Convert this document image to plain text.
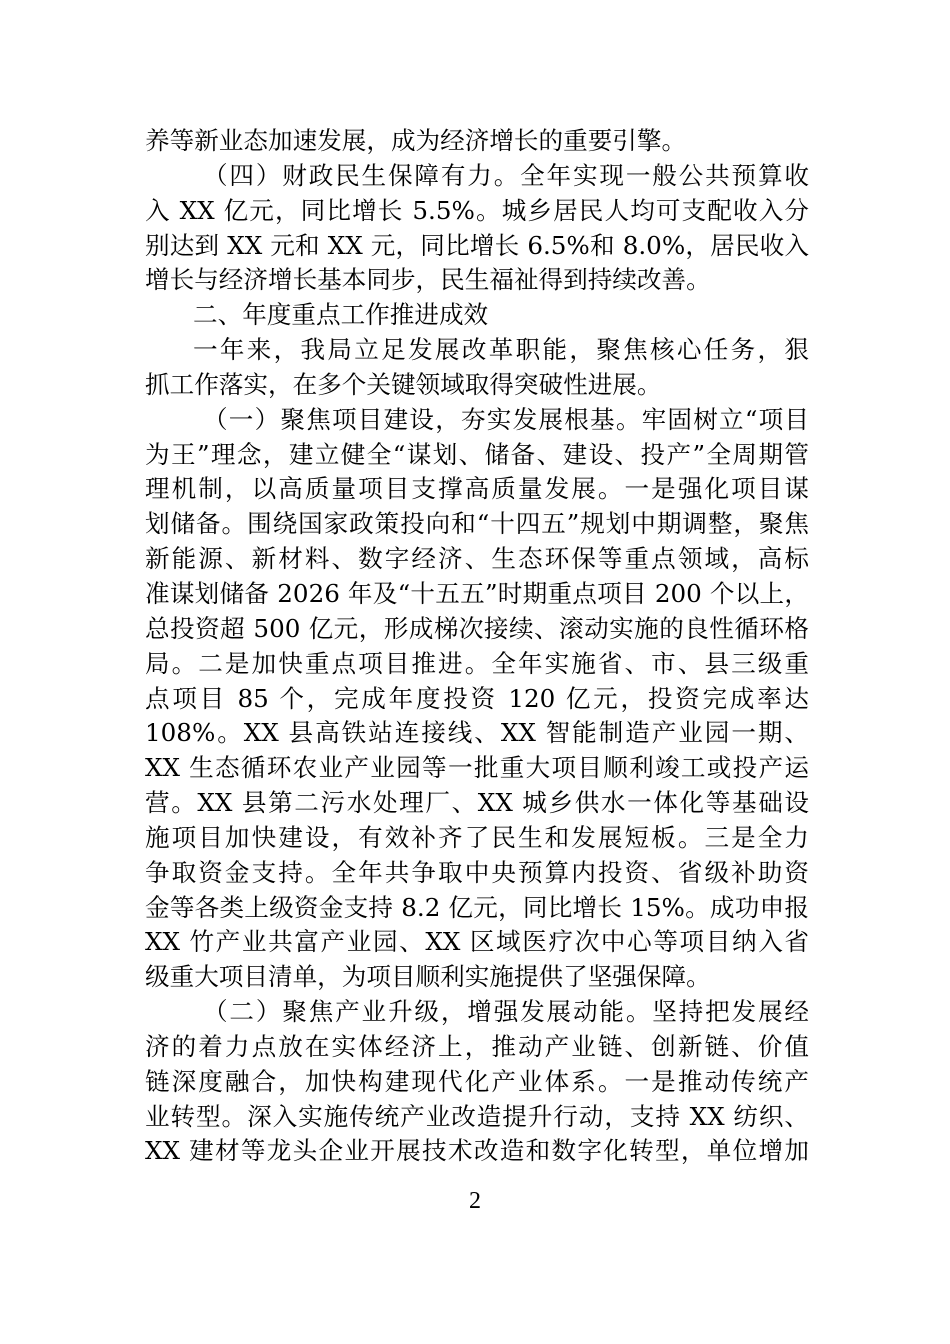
养等新业态加速发展，成为经济增长的重要引擎。
（四）财政民生保障有力。全年实现一般公共预算收
入 XX 亿元，同比增长 5.5%。城乡居民人均可支配收入分
别达到 XX 元和 XX 元，同比增长 6.5%和 8.0%，居民收入
增长与经济增长基本同步，民生福祉得到持续改善。
二、年度重点工作推进成效
一年来，我局立足发展改革职能，聚焦核心任务，狠
抓工作落实，在多个关键领域取得突破性进展。
（一）聚焦项目建设，夯实发展根基。牢固树立“项目
为王”理念，建立健全“谋划、储备、建设、投产”全周期管
理机制，以高质量项目支撑高质量发展。一是强化项目谋
划储备。围绕国家政策投向和“十四五”规划中期调整，聚焦
新能源、新材料、数字经济、生态环保等重点领域，高标
准谋划储备 2026 年及“十五五”时期重点项目 200 个以上，
总投资超 500 亿元，形成梯次接续、滚动实施的良性循环格
局。二是加快重点项目推进。全年实施省、市、县三级重
点项目 85 个，完成年度投资 120 亿元，投资完成率达
108%。XX 县高铁站连接线、XX 智能制造产业园一期、
XX 生态循环农业产业园等一批重大项目顺利竣工或投产运
营。XX 县第二污水处理厂、XX 城乡供水一体化等基础设
施项目加快建设，有效补齐了民生和发展短板。三是全力
争取资金支持。全年共争取中央预算内投资、省级补助资
金等各类上级资金支持 8.2 亿元，同比增长 15%。成功申报
XX 竹产业共富产业园、XX 区域医疗次中心等项目纳入省
级重大项目清单，为项目顺利实施提供了坚强保障。
（二）聚焦产业升级，增强发展动能。坚持把发展经
济的着力点放在实体经济上，推动产业链、创新链、价值
链深度融合，加快构建现代化产业体系。一是推动传统产
业转型。深入实施传统产业改造提升行动，支持 XX 纺织、
XX 建材等龙头企业开展技术改造和数字化转型，单位增加
2
